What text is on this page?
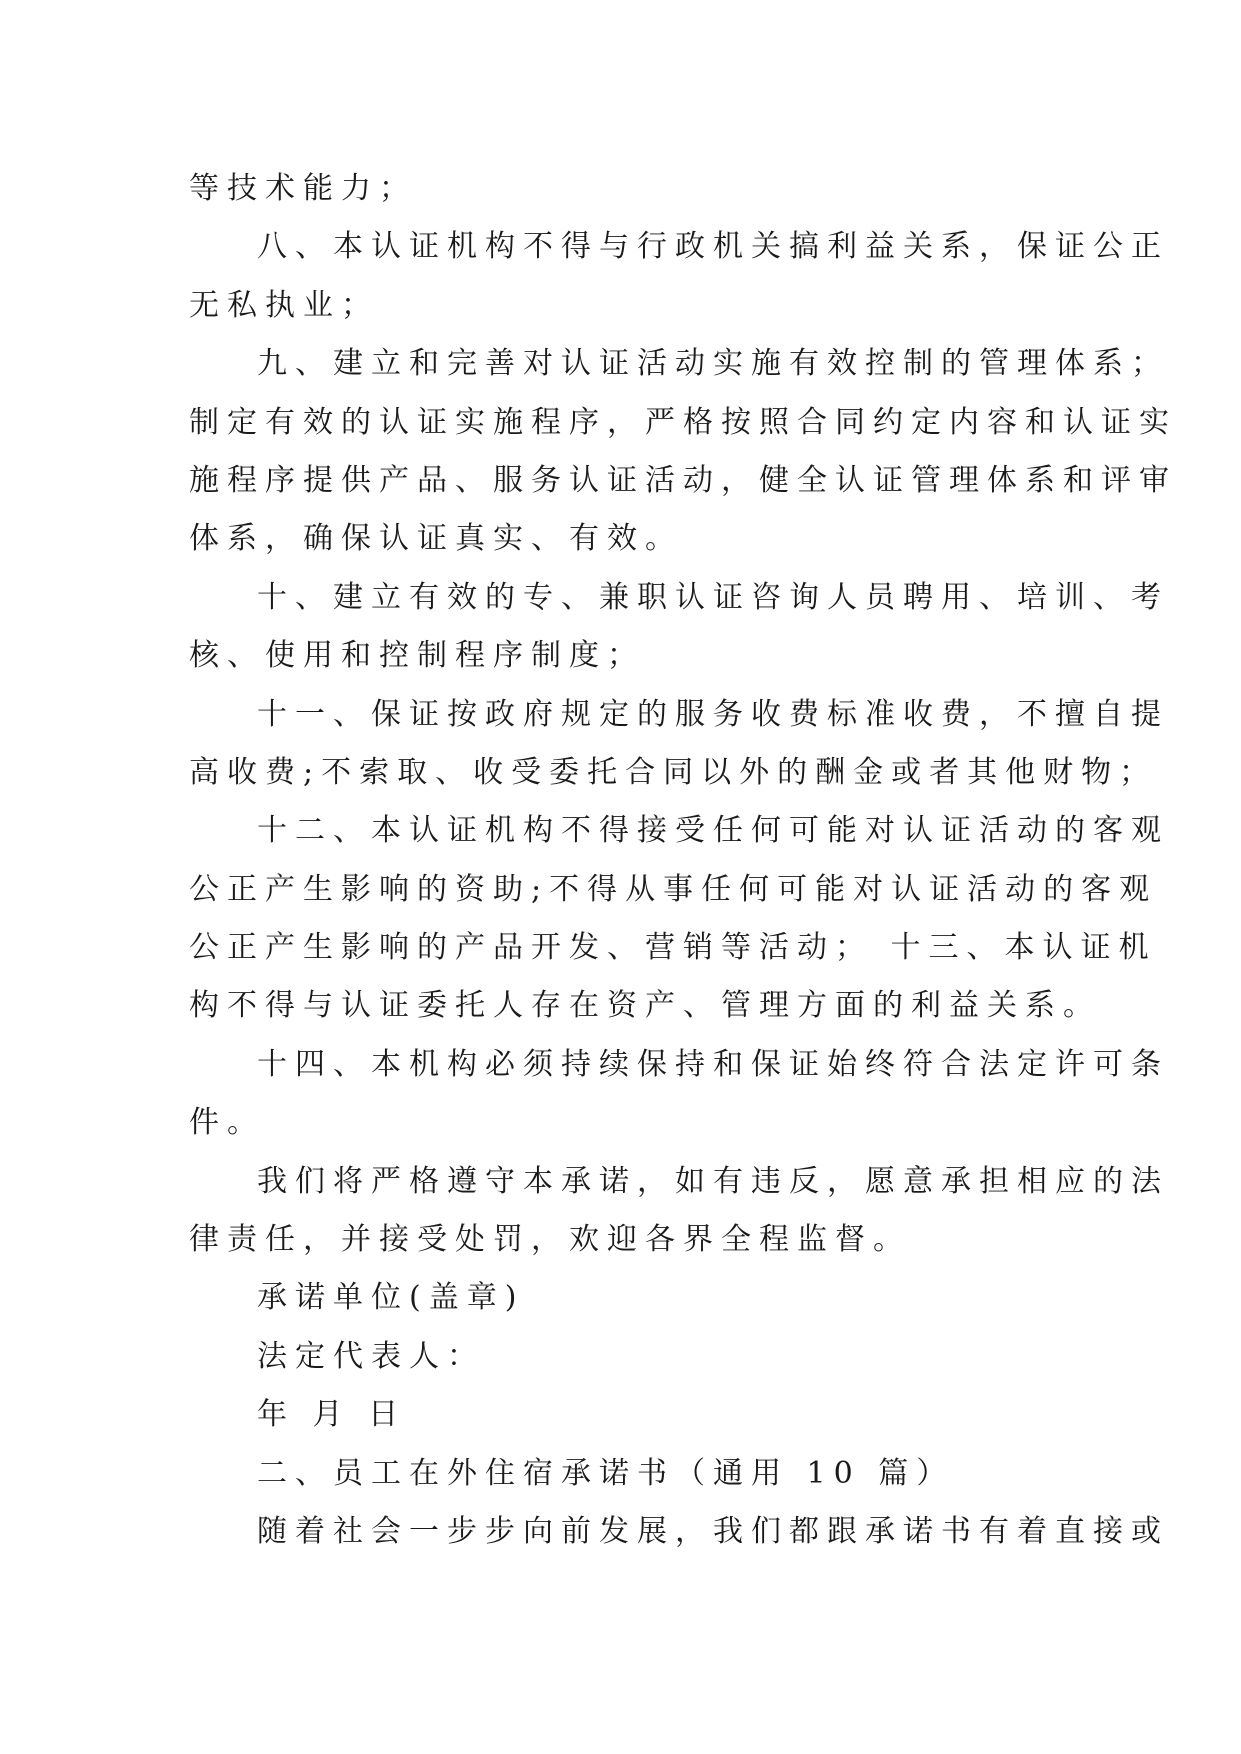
等技术能力；
八、本认证机构不得与行政机关搞利益关系，保证公正
无私执业；
九、建立和完善对认证活动实施有效控制的管理体系；
制定有效的认证实施程序，严格按照合同约定内容和认证实
施程序提供产品、服务认证活动，健全认证管理体系和评审
体系，确保认证真实、有效。
十、建立有效的专、兼职认证咨询人员聘用、培训、考
核、使用和控制程序制度；
十一、保证按政府规定的服务收费标准收费，不擅自提
高收费;不索取、收受委托合同以外的酬金或者其他财物；
十二、本认证机构不得接受任何可能对认证活动的客观
公正产生影响的资助;不得从事任何可能对认证活动的客观
公正产生影响的产品开发、营销等活动； 十三、本认证机
构不得与认证委托人存在资产、管理方面的利益关系。
十四、本机构必须持续保持和保证始终符合法定许可条
件。
我们将严格遵守本承诺，如有违反，愿意承担相应的法
律责任，并接受处罚，欢迎各界全程监督。
承诺单位(盖章)
法定代表人：
年 月 日
二、员工在外住宿承诺书（通用 10 篇）
随着社会一步步向前发展，我们都跟承诺书有着直接或
